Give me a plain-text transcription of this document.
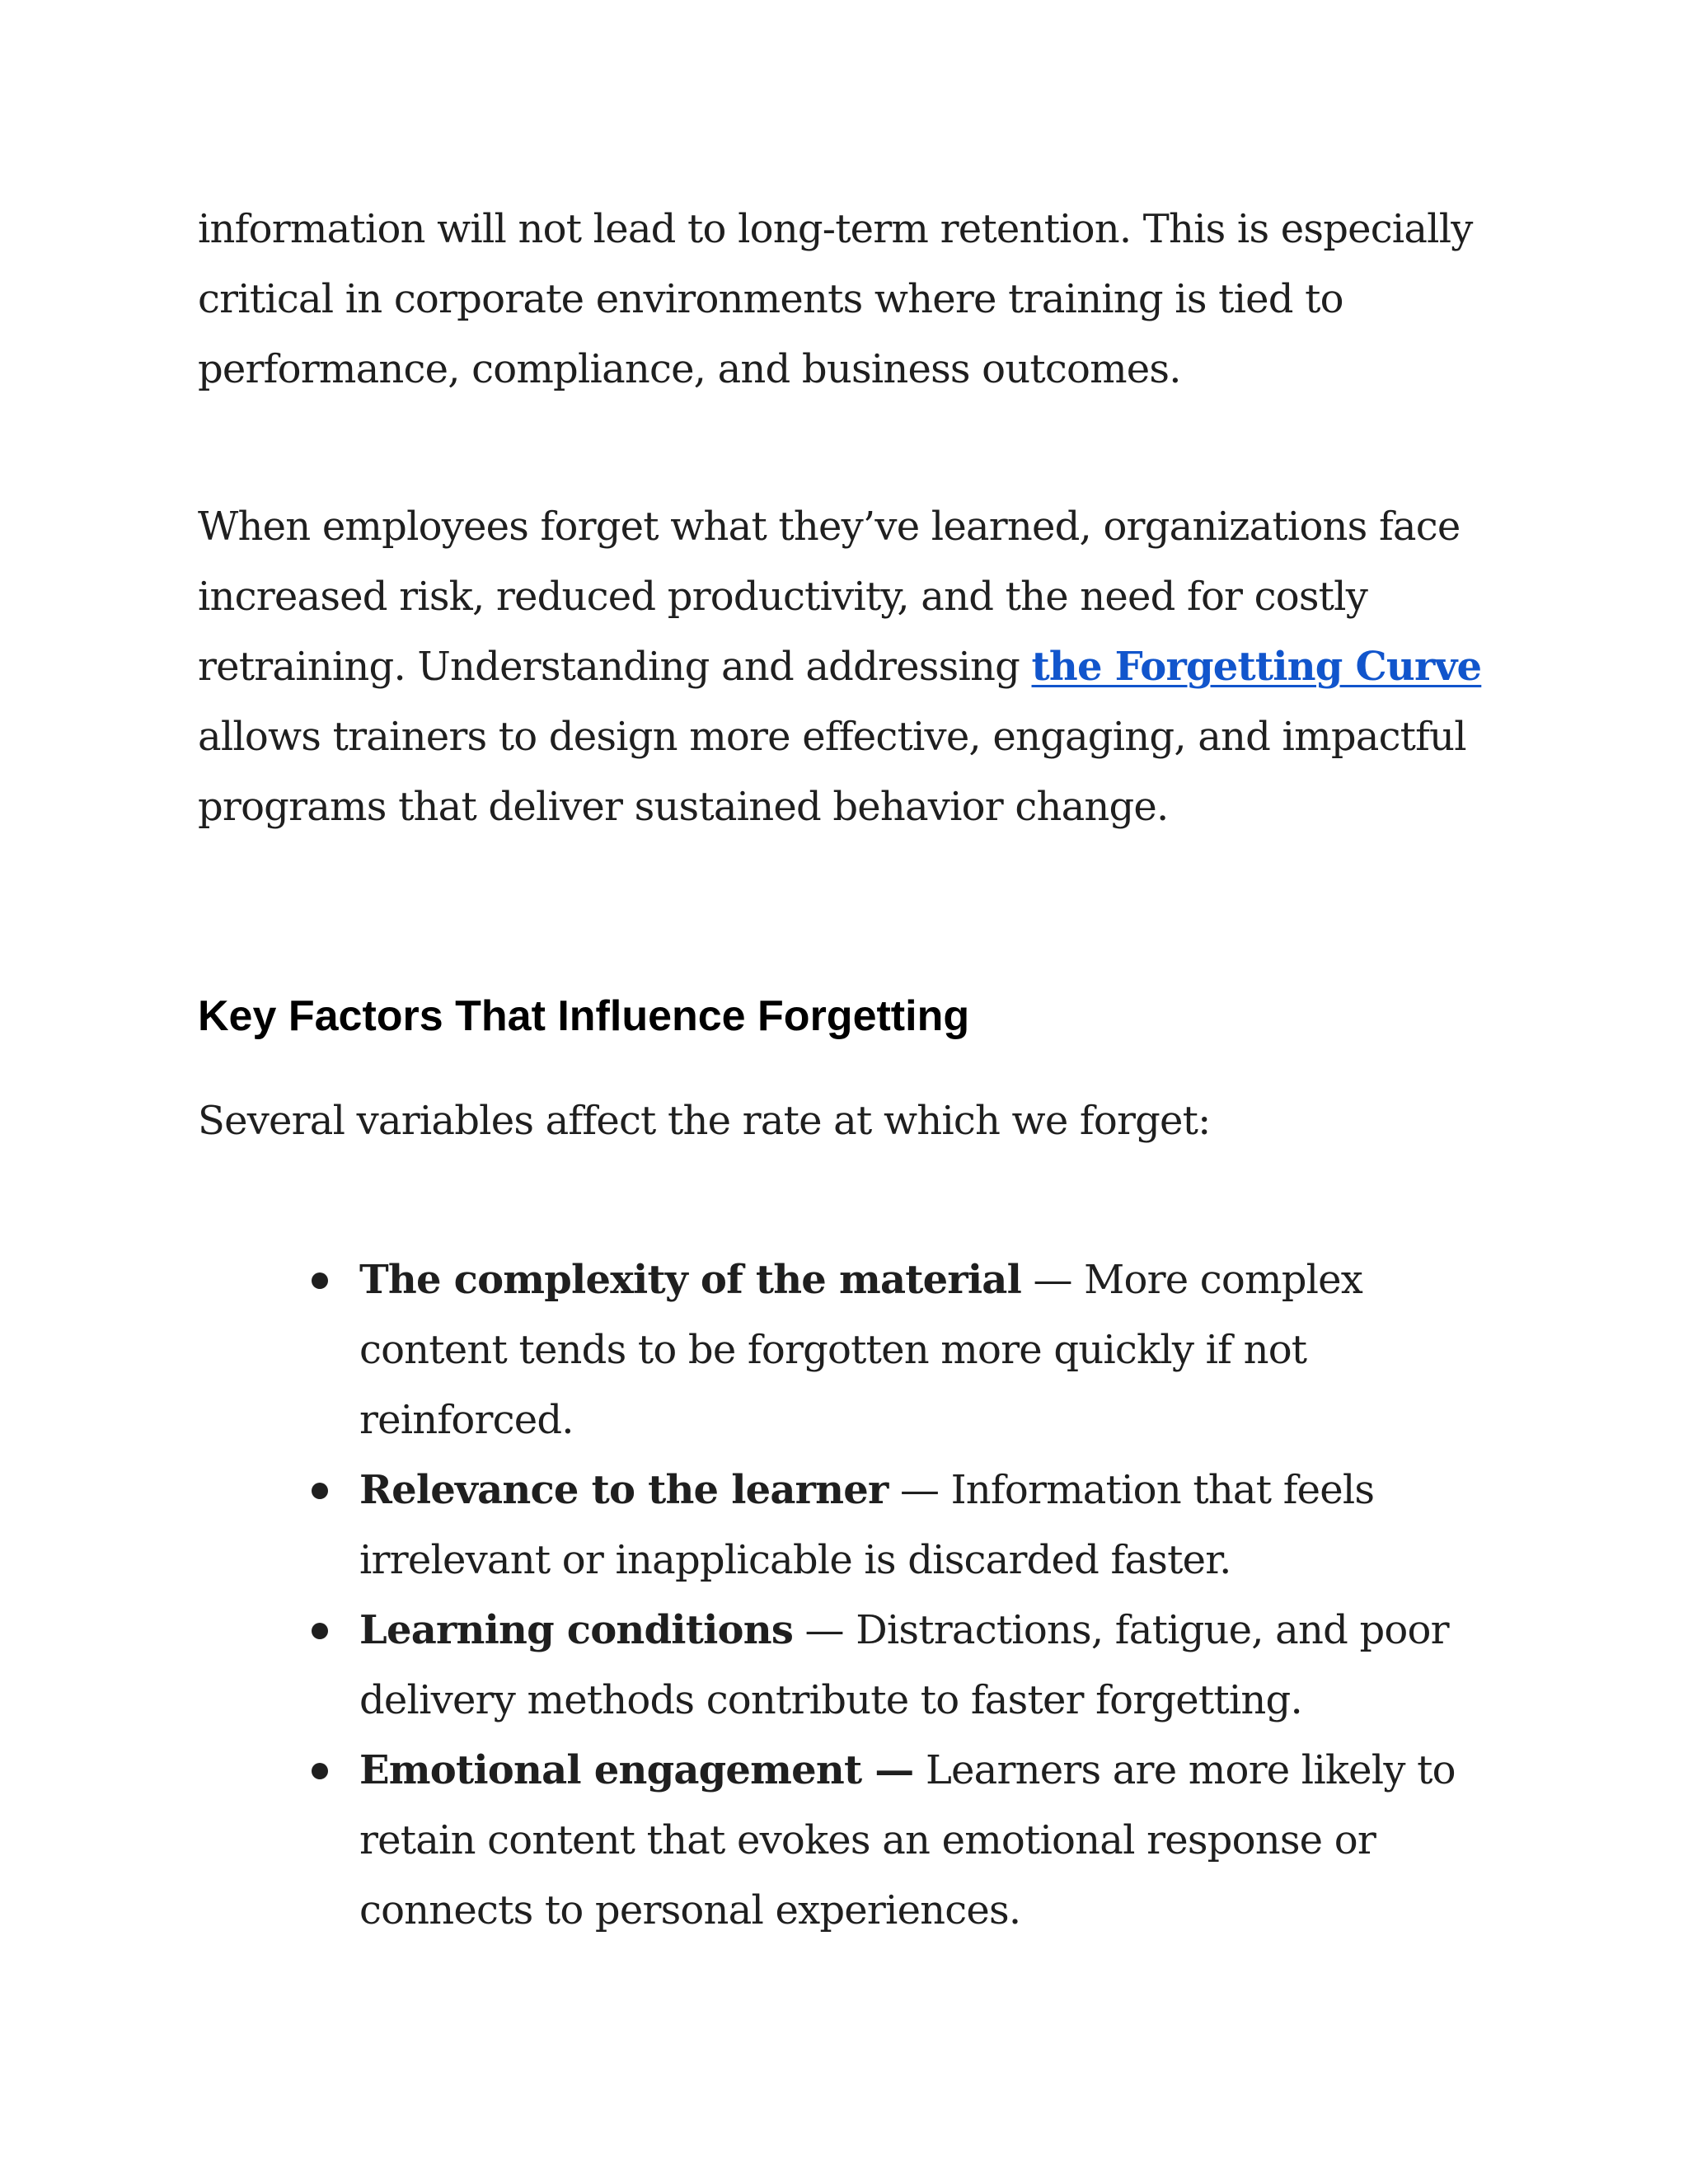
information will not lead to long-term retention. This is especially critical in corporate environments where training is tied to performance, compliance, and business outcomes.

When employees forget what they’ve learned, organizations face increased risk, reduced productivity, and the need for costly retraining. Understanding and addressing the Forgetting Curve allows trainers to design more effective, engaging, and impactful programs that deliver sustained behavior change.

Key Factors That Influence Forgetting

Several variables affect the rate at which we forget:

The complexity of the material — More complex content tends to be forgotten more quickly if not reinforced.
Relevance to the learner — Information that feels irrelevant or inapplicable is discarded faster.
Learning conditions — Distractions, fatigue, and poor delivery methods contribute to faster forgetting.
Emotional engagement — Learners are more likely to retain content that evokes an emotional response or connects to personal experiences.
